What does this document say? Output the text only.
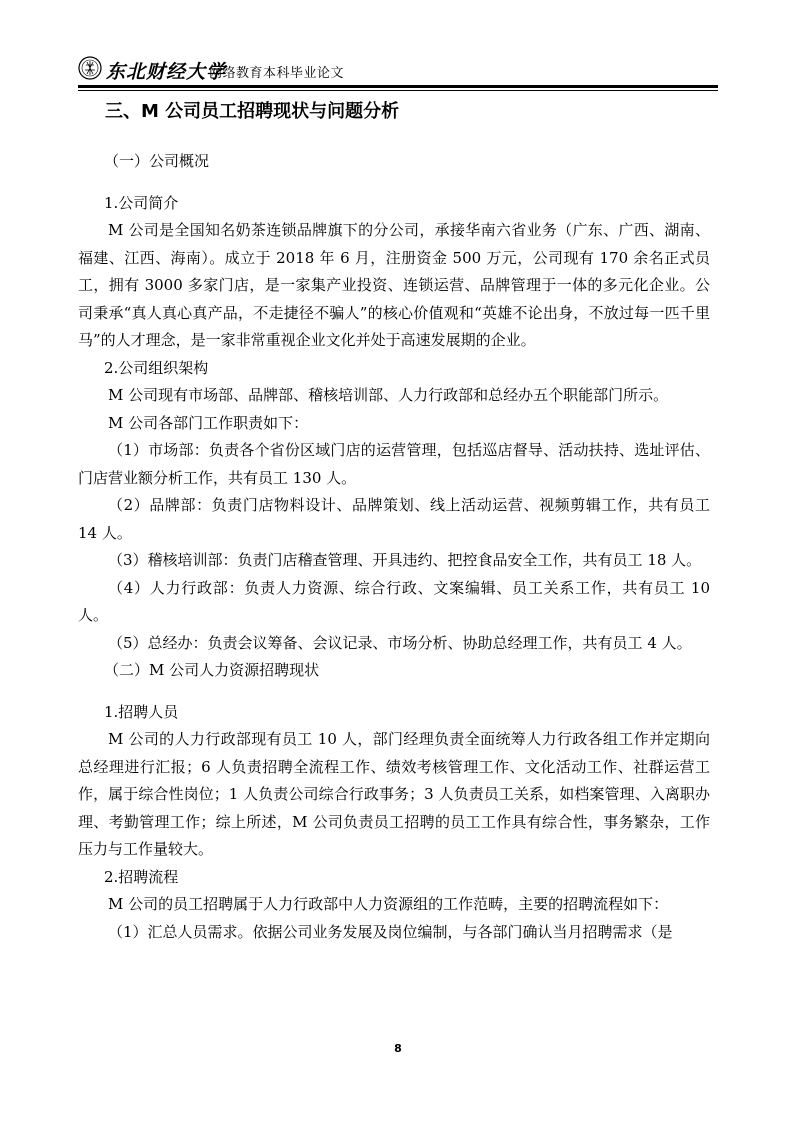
东北财经大学
网络教育本科毕业论文
三、M 公司员工招聘现状与问题分析
（一）公司概况
1.公司简介

M 公司是全国知名奶茶连锁品牌旗下的分公司，承接华南六省业务（广东、广西、湖南、福建、江西、海南）。成立于 2018 年 6 月，注册资金 500 万元，公司现有 170 余名正式员工，拥有 3000 多家门店，是一家集产业投资、连锁运营、品牌管理于一体的多元化企业。公司秉承“真人真心真产品，不走捷径不骗人”的核心价值观和“英雄不论出身，不放过每一匹千里马”的人才理念，是一家非常重视企业文化并处于高速发展期的企业。

2.公司组织架构

M 公司现有市场部、品牌部、稽核培训部、人力行政部和总经办五个职能部门所示。

M 公司各部门工作职责如下：

（1）市场部：负责各个省份区域门店的运营管理，包括巡店督导、活动扶持、选址评估、门店营业额分析工作，共有员工 130 人。

（2）品牌部：负责门店物料设计、品牌策划、线上活动运营、视频剪辑工作，共有员工 14 人。

（3）稽核培训部：负责门店稽查管理、开具违约、把控食品安全工作，共有员工 18 人。

（4）人力行政部：负责人力资源、综合行政、文案编辑、员工关系工作，共有员工 10 人。

（5）总经办：负责会议筹备、会议记录、市场分析、协助总经理工作，共有员工 4 人。

（二）M 公司人力资源招聘现状
1.招聘人员

M 公司的人力行政部现有员工 10 人，部门经理负责全面统筹人力行政各组工作并定期向总经理进行汇报；6 人负责招聘全流程工作、绩效考核管理工作、文化活动工作、社群运营工作，属于综合性岗位；1 人负责公司综合行政事务；3 人负责员工关系，如档案管理、入离职办理、考勤管理工作；综上所述，M 公司负责员工招聘的员工工作具有综合性，事务繁杂，工作压力与工作量较大。

2.招聘流程

M 公司的员工招聘属于人力行政部中人力资源组的工作范畴，主要的招聘流程如下：

（1）汇总人员需求。依据公司业务发展及岗位编制，与各部门确认当月招聘需求（是

8
